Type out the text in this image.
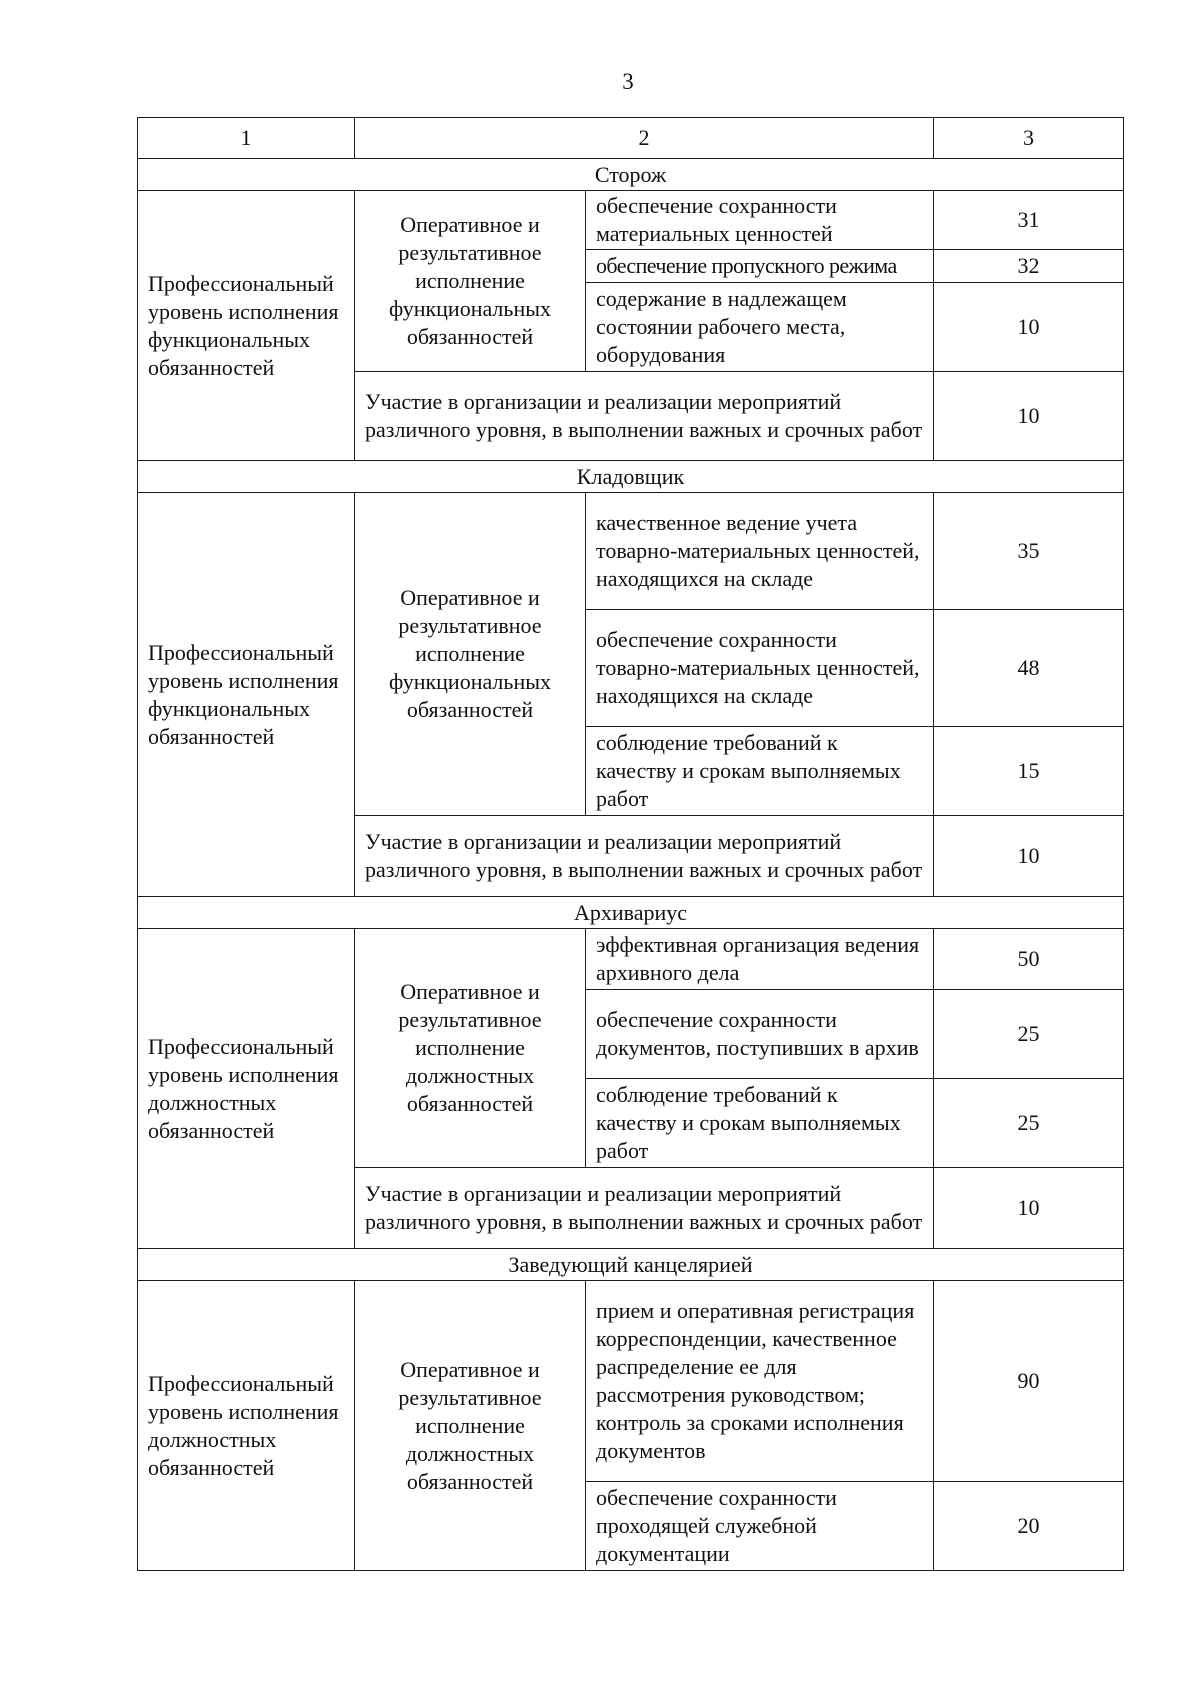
3
1	2		3
Сторож			
Профессиональный уровень исполнения функциональных обязанностей	Оперативное и результативное исполнение функциональных обязанностей	обеспечение сохранности материальных ценностей	31
		обеспечение пропускного режима	32
		содержание в надлежащем состоянии рабочего места, оборудования	10
	Участие в организации и реализации мероприятий различного уровня, в выполнении важных и срочных работ		10
Кладовщик			
Профессиональный уровень исполнения функциональных обязанностей	Оперативное и результативное исполнение функциональных обязанностей	качественное ведение учета товарно-материальных ценностей, находящихся на складе	35
		обеспечение сохранности товарно-материальных ценностей, находящихся на складе	48
		соблюдение требований к качеству и срокам выполняемых работ	15
	Участие в организации и реализации мероприятий различного уровня, в выполнении важных и срочных работ		10
Архивариус			
Профессиональный уровень исполнения должностных обязанностей	Оперативное и результативное исполнение должностных обязанностей	эффективная организация ведения архивного дела	50
		обеспечение сохранности документов, поступивших в архив	25
		соблюдение требований к качеству и срокам выполняемых работ	25
	Участие в организации и реализации мероприятий различного уровня, в выполнении важных и срочных работ		10
Заведующий канцелярией			
Профессиональный уровень исполнения должностных обязанностей	Оперативное и результативное исполнение должностных обязанностей	прием и оперативная регистрация корреспонденции, качественное распределение ее для рассмотрения руководством; контроль за сроками исполнения документов	90
		обеспечение сохранности проходящей служебной документации	20
